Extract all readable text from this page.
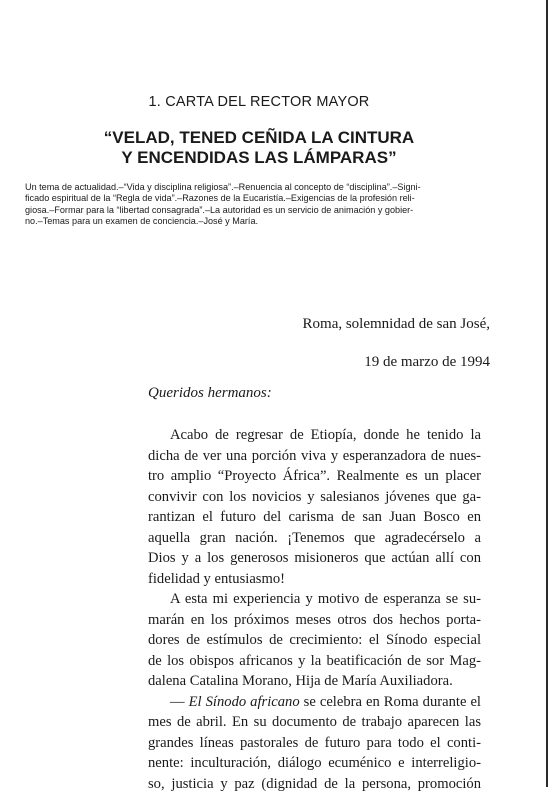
1. CARTA DEL RECTOR MAYOR
“VELAD, TENED CEÑIDA LA CINTURA
Y ENCENDIDAS LAS LÁMPARAS”
Un tema de actualidad.–“Vida y disciplina religiosa”.–Renuencia al concepto de “disciplina”.–Signi-
ficado espiritual de la “Regla de vida”.–Razones de la Eucaristía.–Exigencias de la profesión reli-
giosa.–Formar para la “libertad consagrada”.–La autoridad es un servicio de animación y gobier-
no.–Temas para un examen de conciencia.–José y María.
Roma, solemnidad de san José,
19 de marzo de 1994
Queridos hermanos:
Acabo de regresar de Etiopía, donde he tenido la
dicha de ver una porción viva y esperanzadora de nues-
tro amplio “Proyecto África”. Realmente es un placer
convivir con los novicios y salesianos jóvenes que ga-
rantizan el futuro del carisma de san Juan Bosco en
aquella gran nación. ¡Tenemos que agradecérselo a
Dios y a los generosos misioneros que actúan allí con
fidelidad y entusiasmo!
A esta mi experiencia y motivo de esperanza se su-
marán en los próximos meses otros dos hechos porta-
dores de estímulos de crecimiento: el Sínodo especial
de los obispos africanos y la beatificación de sor Mag-
dalena Catalina Morano, Hija de María Auxiliadora.
— El Sínodo africano se celebra en Roma durante el
mes de abril. En su documento de trabajo aparecen las
grandes líneas pastorales de futuro para todo el conti-
nente: inculturación, diálogo ecuménico e interreligio-
so, justicia y paz (dignidad de la persona, promoción
